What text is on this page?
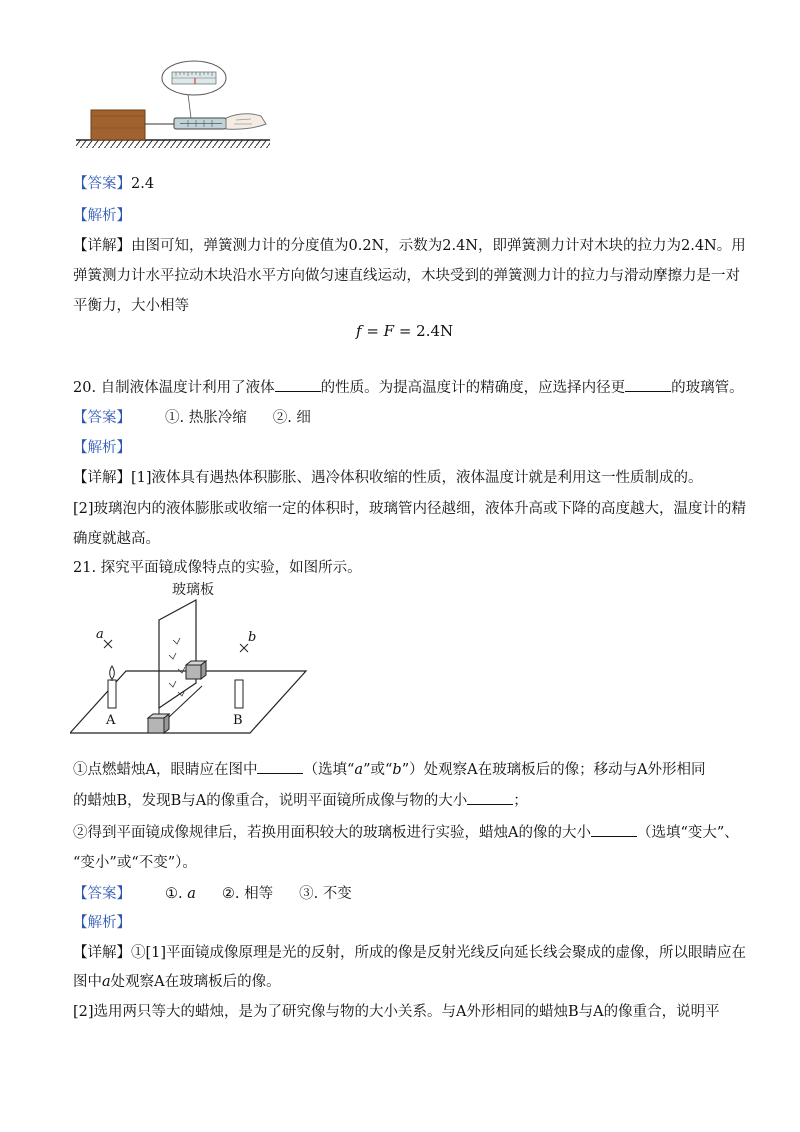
【答案】2.4
【解析】
【详解】由图可知，弹簧测力计的分度值为0.2N，示数为2.4N，即弹簧测力计对木块的拉力为2.4N。用
弹簧测力计水平拉动木块沿水平方向做匀速直线运动，木块受到的弹簧测力计的拉力与滑动摩擦力是一对
平衡力，大小相等
f = F = 2.4N
20. 自制液体温度计利用了液体	的性质。为提高温度计的精确度，应选择内径更	的玻璃管。
【答案】 ①. 热胀冷缩 ②. 细
【解析】
【详解】[1]液体具有遇热体积膨胀、遇冷体积收缩的性质，液体温度计就是利用这一性质制成的。
[2]玻璃泡内的液体膨胀或收缩一定的体积时，玻璃管内径越细，液体升高或下降的高度越大，温度计的精
确度就越高。
21. 探究平面镜成像特点的实验，如图所示。
玻璃板
A	B
a	b
①点燃蜡烛A，眼睛应在图中	（选填“a”或“b”）处观察A在玻璃板后的像；移动与A外形相同
的蜡烛B，发现B与A的像重合，说明平面镜所成像与物的大小	；
②得到平面镜成像规律后，若换用面积较大的玻璃板进行实验，蜡烛A的像的大小	（选填“变大”、
“变小”或“不变”）。
【答案】 ①. a ②. 相等 ③. 不变
【解析】
【详解】①[1]平面镜成像原理是光的反射，所成的像是反射光线反向延长线会聚成的虚像，所以眼睛应在
图中a处观察A在玻璃板后的像。
[2]选用两只等大的蜡烛，是为了研究像与物的大小关系。与A外形相同的蜡烛B与A的像重合，说明平
